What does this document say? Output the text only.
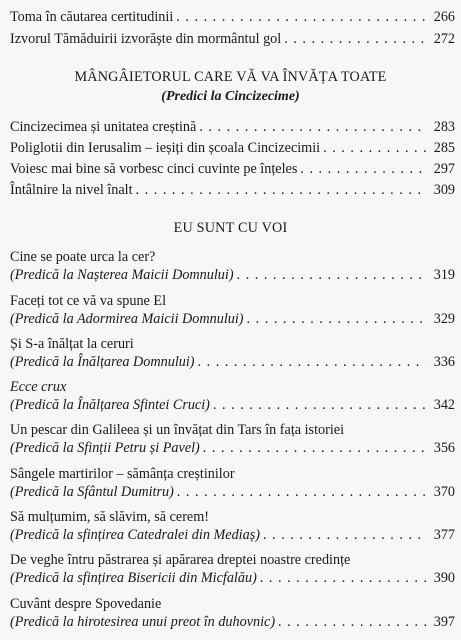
Toma în căutarea certitudinii . . .	266
Izvorul Tămăduirii izvorăște din mormântul gol . . .	272
MÂNGÂIETORUL CARE VĂ VA ÎNVĂȚA TOATE
(Predici la Cincizecime)
Cincizecimea și unitatea creștină . . .	283
Poliglotii din Ierusalim – ieșiți din școala Cincizecimii . . .	285
Voiesc mai bine să vorbesc cinci cuvinte pe înțeles . . .	297
Întâlnire la nivel înalt . . .	309
EU SUNT CU VOI
Cine se poate urca la cer?
(Predică la Nașterea Maicii Domnului) . . .	319
Faceți tot ce vă va spune El
(Predică la Adormirea Maicii Domnului) . . .	329
Și S-a înălțat la ceruri
(Predică la Înălțarea Domnului) . . .	336
Ecce crux
(Predică la Înălțarea Sfintei Cruci) . . .	342
Un pescar din Galileea și un învățat din Tars în fața istoriei
(Predică la Sfinții Petru și Pavel) . . .	356
Sângele martirilor – sămânța creștinilor
(Predică la Sfântul Dumitru) . . .	370
Să mulțumim, să slăvim, să cerem!
(Predică la sfințirea Catedralei din Mediaș) . . .	377
De veghe întru păstrarea și apărarea dreptei noastre credințe
(Predică la sfințirea Bisericii din Micfalău) . . .	390
Cuvânt despre Spovedanie
(Predică la hirotesirea unui preot în duhovnic) . . .	397
